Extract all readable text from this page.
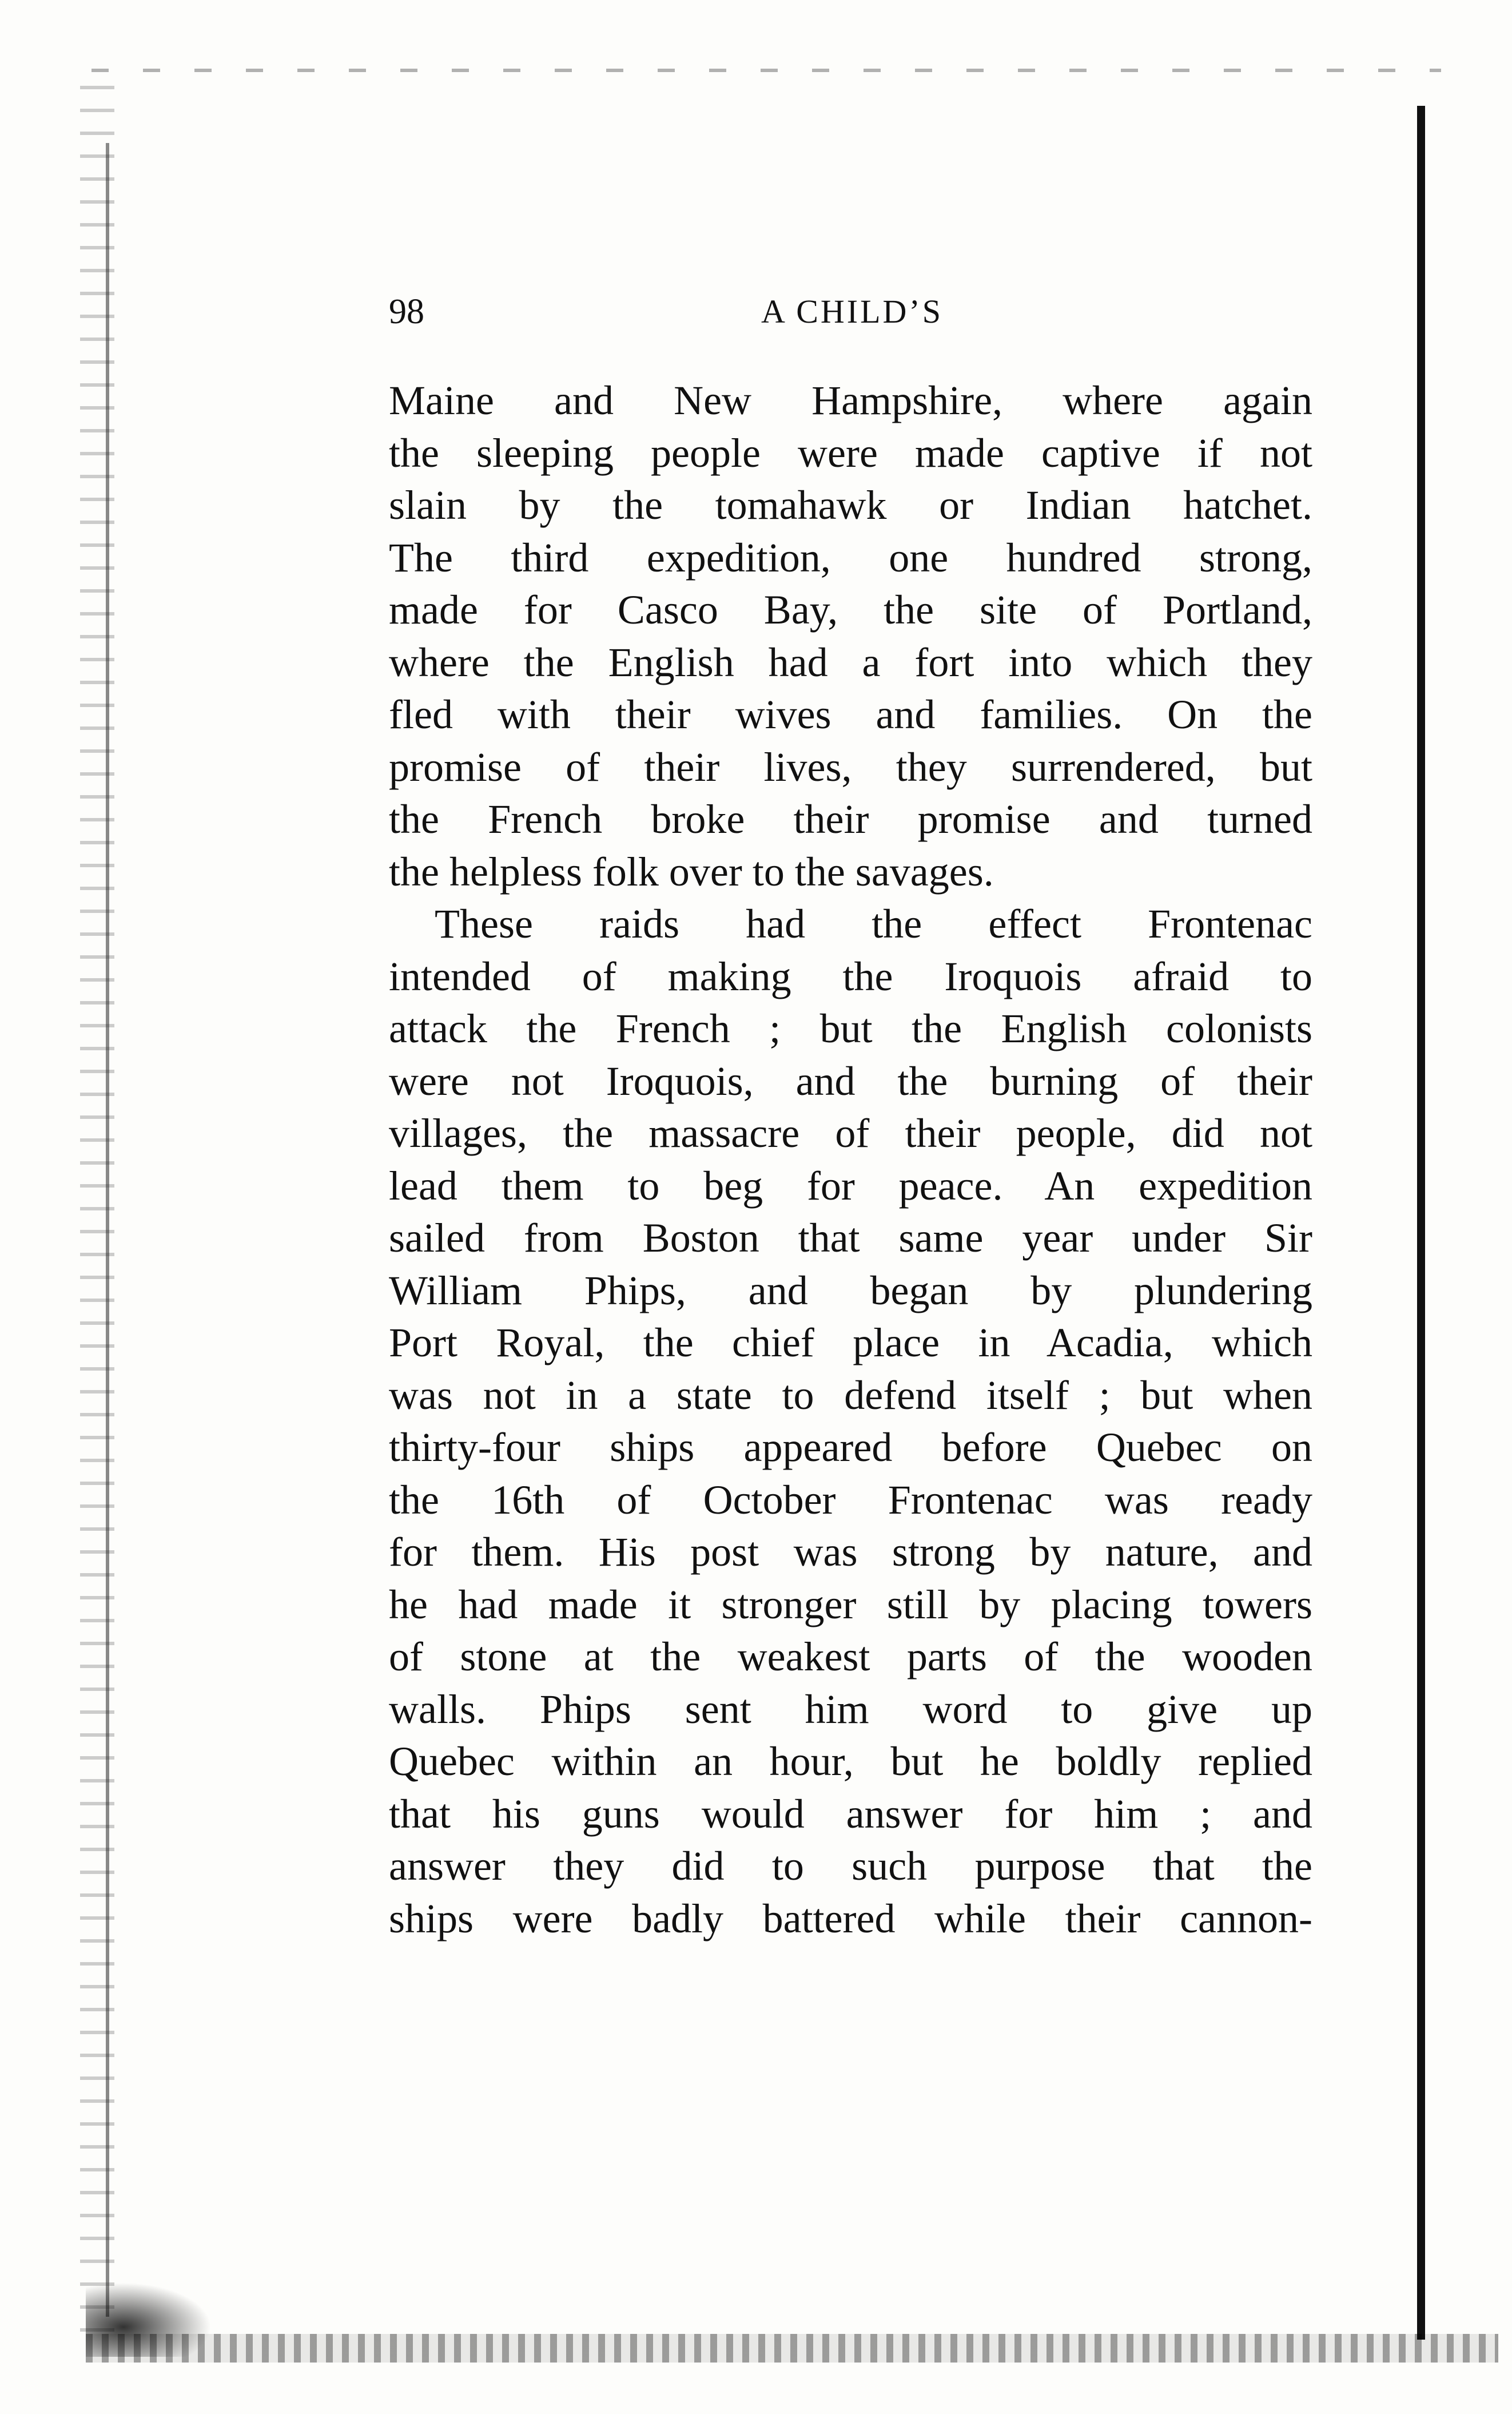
98	A CHILD’S
Maine and New Hampshire, where again
the sleeping people were made captive if not
slain by the tomahawk or Indian hatchet.
The third expedition, one hundred strong,
made for Casco Bay, the site of Portland,
where the English had a fort into which they
fled with their wives and families. On the
promise of their lives, they surrendered, but
the French broke their promise and turned
the helpless folk over to the savages.
These raids had the effect Frontenac
intended of making the Iroquois afraid to
attack the French ; but the English colonists
were not Iroquois, and the burning of their
villages, the massacre of their people, did not
lead them to beg for peace. An expedition
sailed from Boston that same year under Sir
William Phips, and began by plundering
Port Royal, the chief place in Acadia, which
was not in a state to defend itself ; but when
thirty-four ships appeared before Quebec on
the 16th of October Frontenac was ready
for them. His post was strong by nature, and
he had made it stronger still by placing towers
of stone at the weakest parts of the wooden
walls. Phips sent him word to give up
Quebec within an hour, but he boldly replied
that his guns would answer for him ; and
answer they did to such purpose that the
ships were badly battered while their cannon-
